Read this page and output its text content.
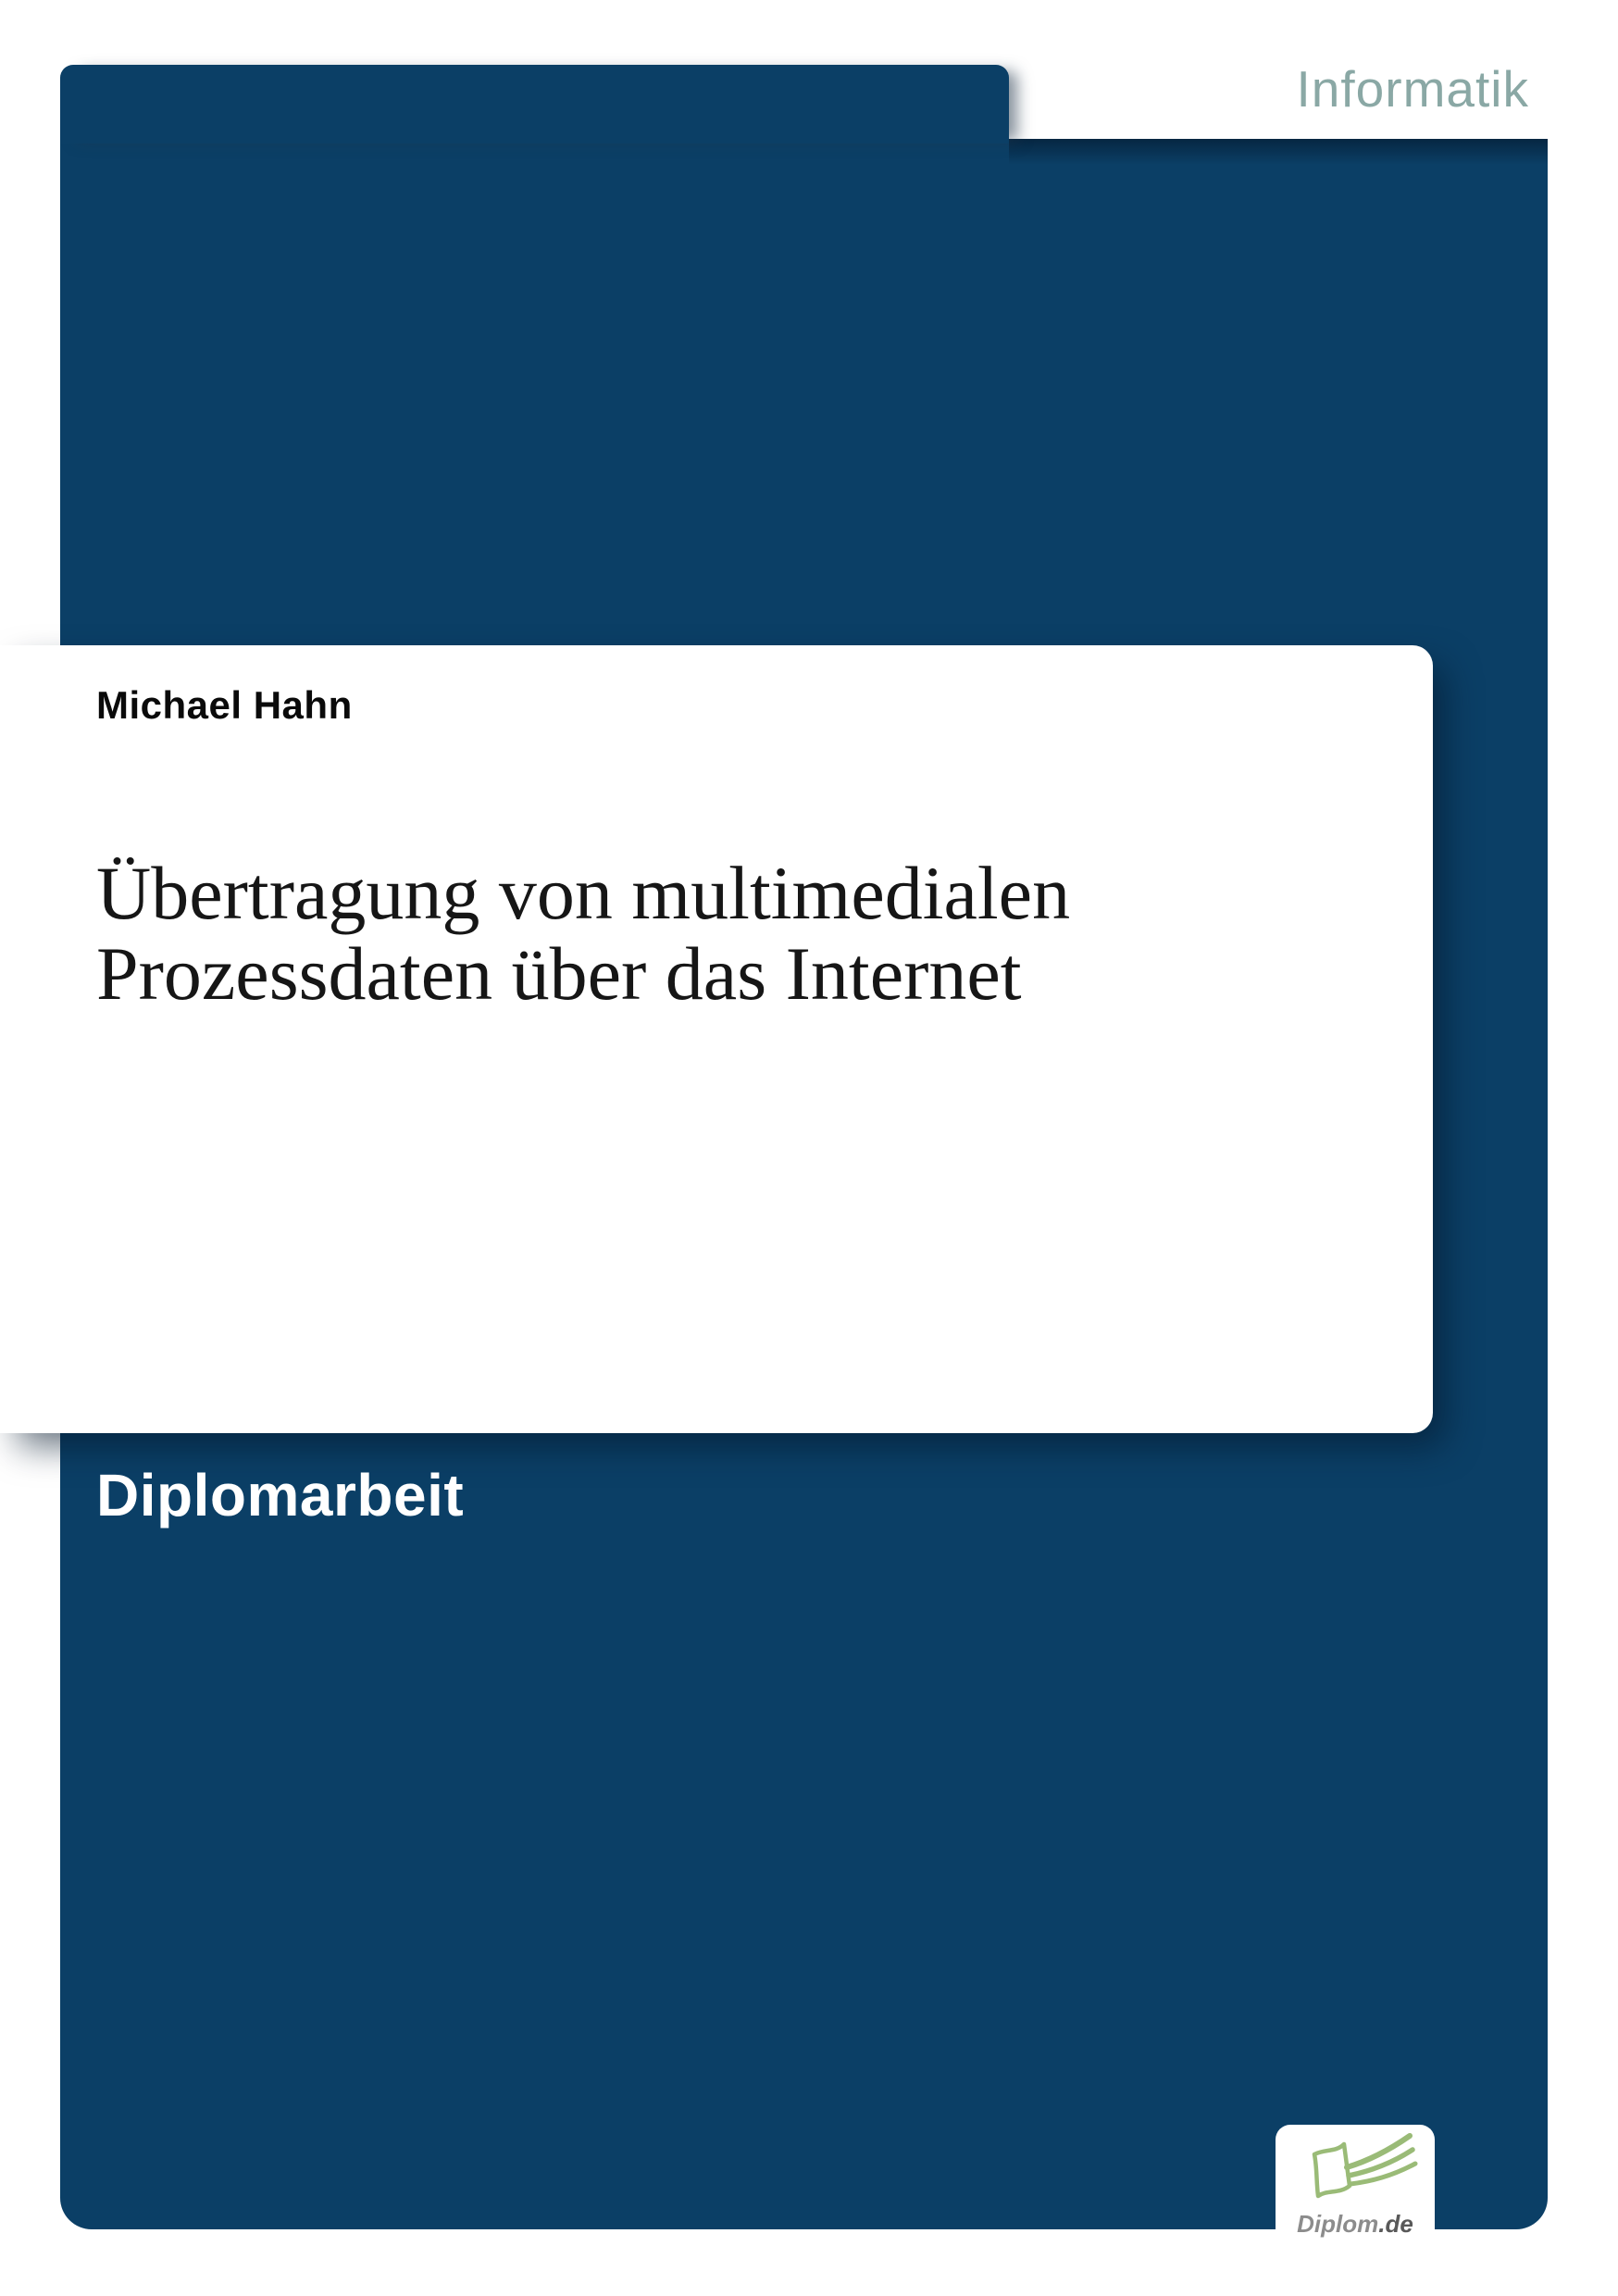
Informatik
Michael Hahn
Übertragung von multimedialen
Prozessdaten über das Internet
Diplomarbeit
Diplom.de
